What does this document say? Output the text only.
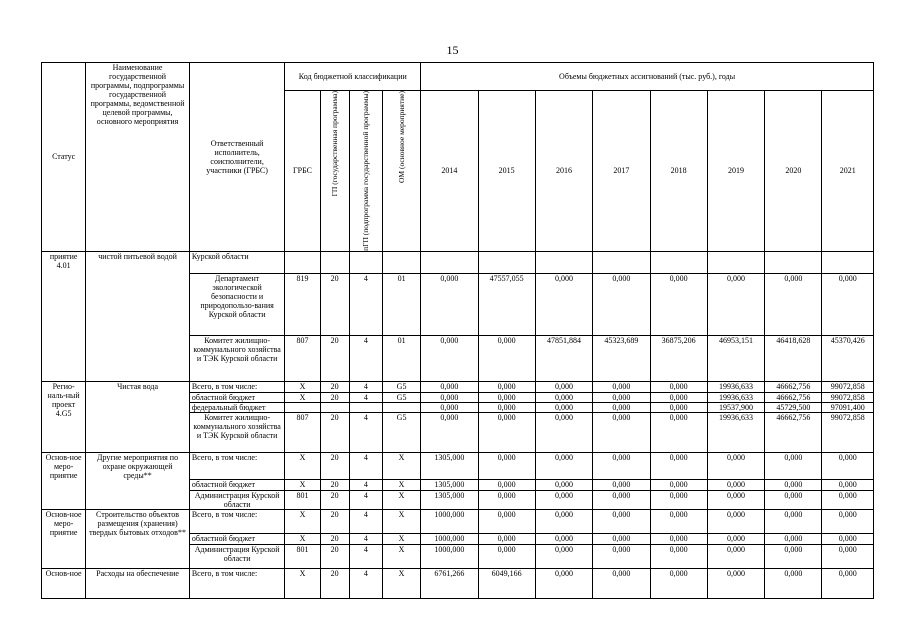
15
Статус	Наименование государственной программы, подпрограммы государственной программы, ведомственной целевой программы, основного мероприятия	Ответственный исполнитель, соисполнители, участники (ГРБС)	Код бюджетной классификации				Объемы бюджетных ассигнований (тыс. руб.), годы							
			ГРБС	ГП (государственная программа)	пГП (подпрограмма государственной программы)	ОМ (основное мероприятие)	2014	2015	2016	2017	2018	2019	2020	2021
приятие 4.01	чистой питьевой водой	Курской области												
		Департамент экологической безопасности и природопользо-вания Курской области	819	20	4	01	0,000	47557,055	0,000	0,000	0,000	0,000	0,000	0,000
		Комитет жилищно-коммунального хозяйства и ТЭК Курской области	807	20	4	01	0,000	0,000	47851,884	45323,689	36875,206	46953,151	46418,628	45370,426
Регио-наль-ный проект 4.G5	Чистая вода	Всего, в том числе:	X	20	4	G5	0,000	0,000	0,000	0,000	0,000	19936,633	46662,756	99072,858
		областной бюджет	X	20	4	G5	0,000	0,000	0,000	0,000	0,000	19936,633	46662,756	99072,858
		федеральный бюджет					0,000	0,000	0,000	0,000	0,000	19537,900	45729,500	97091,400
		Комитет жилищно-коммунального хозяйства и ТЭК Курской области	807	20	4	G5	0,000	0,000	0,000	0,000	0,000	19936,633	46662,756	99072,858
Основ-ное меро-приятие	Другие мероприятия по охране окружающей среды**	Всего, в том числе:	X	20	4	X	1305,000	0,000	0,000	0,000	0,000	0,000	0,000	0,000
		областной бюджет	X	20	4	X	1305,000	0,000	0,000	0,000	0,000	0,000	0,000	0,000
		Администрация Курской области	801	20	4	X	1305,000	0,000	0,000	0,000	0,000	0,000	0,000	0,000
Основ-ное меро-приятие	Строительство объектов размещения (хранения) твердых бытовых отходов**	Всего, в том числе:	X	20	4	X	1000,000	0,000	0,000	0,000	0,000	0,000	0,000	0,000
		областной бюджет	X	20	4	X	1000,000	0,000	0,000	0,000	0,000	0,000	0,000	0,000
		Администрация Курской области	801	20	4	X	1000,000	0,000	0,000	0,000	0,000	0,000	0,000	0,000
Основ-ное	Расходы на обеспечение	Всего, в том числе:	X	20	4	X	6761,266	6049,166	0,000	0,000	0,000	0,000	0,000	0,000
